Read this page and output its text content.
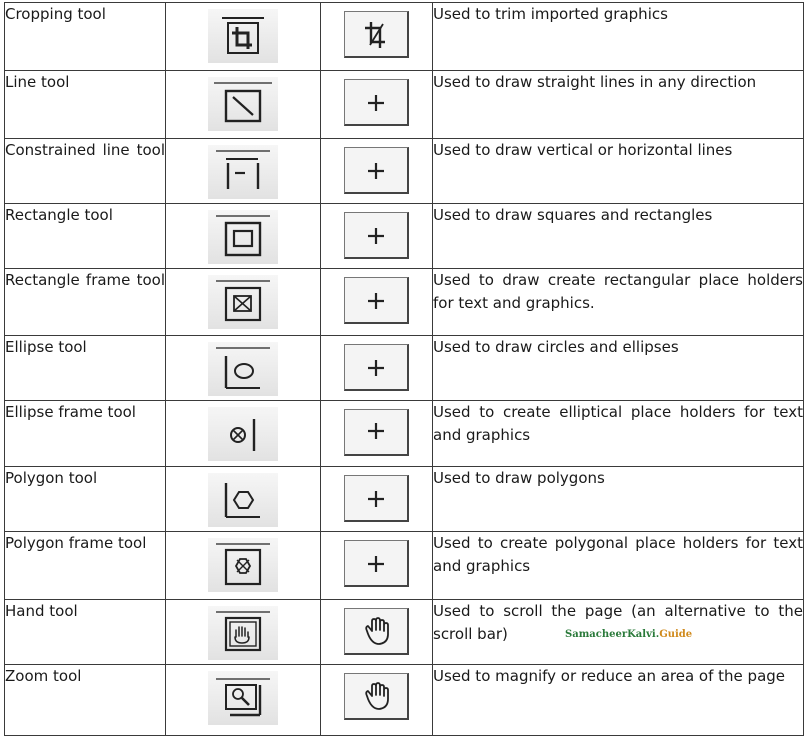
Cropping tool			Used to trim imported graphics
Line tool			Used to draw straight lines in any direction
Constrained line tool			Used to draw vertical or horizontal lines
Rectangle tool			Used to draw squares and rectangles
Rectangle frame tool			Used to draw create rectangular place holders for text and graphics.
Ellipse tool			Used to draw circles and ellipses
Ellipse frame tool			Used to create elliptical place holders for text and graphics
Polygon tool			Used to draw polygons
Polygon frame tool			Used to create polygonal place holders for text and graphics
Hand tool			Used to scroll the page (an alternative to the scroll bar)
Zoom tool			Used to magnify or reduce an area of the page
SamacheerKalvi.Guide
